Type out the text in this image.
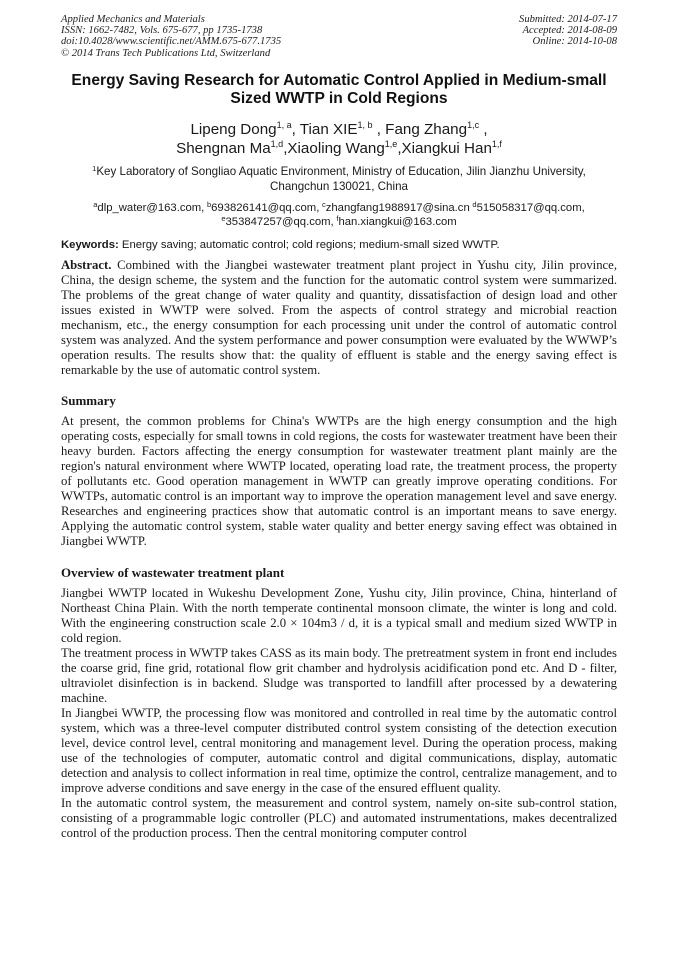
Applied Mechanics and Materials
ISSN: 1662-7482, Vols. 675-677, pp 1735-1738
doi:10.4028/www.scientific.net/AMM.675-677.1735
© 2014 Trans Tech Publications Ltd, Switzerland
Submitted: 2014-07-17
Accepted: 2014-08-09
Online: 2014-10-08
Energy Saving Research for Automatic Control Applied in Medium-small Sized WWTP in Cold Regions
Lipeng Dong$^{1, a}$, Tian XIE$^{1, b}$ , Fang Zhang$^{1,c}$ ,
Shengnan Ma$^{1,d}$,Xiaoling Wang$^{1,e}$,Xiangkui Han$^{1,f}$
$^1$Key Laboratory of Songliao Aquatic Environment, Ministry of Education, Jilin Jianzhu University,
Changchun 130021, China
$^a$dlp_water@163.com, $^b$693826141@qq.com, $^c$zhangfang1988917@sina.cn $^d$515058317@qq.com,
$^e$353847257@qq.com, $^f$han.xiangkui@163.com
Keywords: Energy saving; automatic control; cold regions; medium-small sized WWTP.

Abstract. Combined with the Jiangbei wastewater treatment plant project in Yushu city, Jilin province, China, the design scheme, the system and the function for the automatic control system were summarized. The problems of the great change of water quality and quantity, dissatisfaction of design load and other issues existed in WWTP were solved. From the aspects of control strategy and microbial reaction mechanism, etc., the energy consumption for each processing unit under the control of automatic control system was analyzed. And the system performance and power consumption were evaluated by the WWWP’s operation results. The results show that: the quality of effluent is stable and the energy saving effect is remarkable by the use of automatic control system.

Summary

At present, the common problems for China's WWTPs are the high energy consumption and the high operating costs, especially for small towns in cold regions, the costs for wastewater treatment have been their heavy burden. Factors affecting the energy consumption for wastewater treatment plant mainly are the region's natural environment where WWTP located, operating load rate, the treatment process, the property of pollutants etc. Good operation management in WWTP can greatly improve operating conditions. For WWTPs, automatic control is an important way to improve the operation management level and save energy. Researches and engineering practices show that automatic control is an important means to save energy. Applying the automatic control system, stable water quality and better energy saving effect was obtained in Jiangbei WWTP.

Overview of wastewater treatment plant

Jiangbei WWTP located in Wukeshu Development Zone, Yushu city, Jilin province, China, hinterland of Northeast China Plain. With the north temperate continental monsoon climate, the winter is long and cold. With the engineering construction scale 2.0 × 104m3 / d, it is a typical small and medium sized WWTP in cold region.

The treatment process in WWTP takes CASS as its main body. The pretreatment system in front end includes the coarse grid, fine grid, rotational flow grit chamber and hydrolysis acidification pond etc. And D - filter, ultraviolet disinfection is in backend. Sludge was transported to landfill after processed by a dewatering machine.

In Jiangbei WWTP, the processing flow was monitored and controlled in real time by the automatic control system, which was a three-level computer distributed control system consisting of the detection execution level, device control level, central monitoring and management level. During the operation process, making use of the technologies of computer, automatic control and digital communications, display, automatic detection and analysis to collect information in real time, optimize the control, centralize management, and to improve adverse conditions and save energy in the case of the ensured effluent quality.

In the automatic control system, the measurement and control system, namely on-site sub-control station, consisting of a programmable logic controller (PLC) and automated instrumentations, makes decentralized control of the production process. Then the central monitoring computer control
